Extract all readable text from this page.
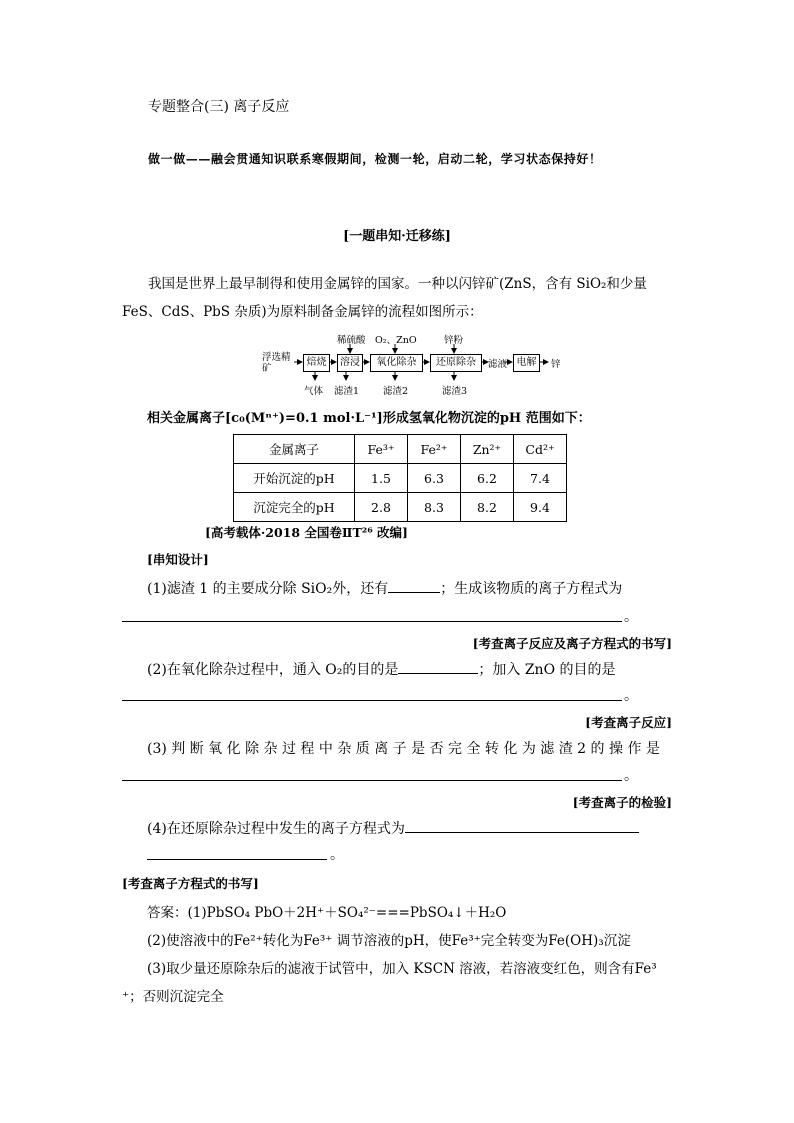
专题整合(三) 离子反应
做一做——融会贯通知识联系寒假期间，检测一轮，启动二轮，学习状态保持好！
[一题串知·迁移练]
我国是世界上最早制得和使用金属锌的国家。一种以闪锌矿(ZnS，含有 SiO₂和少量FeS、CdS、PbS 杂质)为原料制备金属锌的流程如图所示：
浮选精矿
焙烧	溶浸	氧化除杂	还原除杂	滤液 电解	锌
稀硫酸 O₂、ZnO	锌粉
气体 滤渣1	滤渣2	滤渣3
相关金属离子[c₀(Mⁿ⁺)=0.1 mol·L⁻¹]形成氢氧化物沉淀的pH 范围如下：
金属离子	Fe³⁺	Fe²⁺	Zn²⁺	Cd²⁺
开始沉淀的pH	1.5	6.3	6.2	7.4
沉淀完全的pH	2.8	8.3	8.2	9.4
[高考载体·2018 全国卷ⅡT²⁶ 改编]
[串知设计]
(1)滤渣 1 的主要成分除 SiO₂外，还有	；生成该物质的离子方程式为
。
[考查离子反应及离子方程式的书写]
(2)在氧化除杂过程中，通入 O₂的目的是	；加入 ZnO 的目的是
。
[考查离子反应]
(3) 判 断 氧 化 除 杂 过 程 中 杂 质 离 子 是 否 完 全 转 化 为 滤 渣 2 的 操 作 是
。
[考查离子的检验]
(4)在还原除杂过程中发生的离子方程式为
。
[考查离子方程式的书写]
答案：(1)PbSO₄ PbO＋2H⁺＋SO₄²⁻===PbSO₄↓＋H₂O
(2)使溶液中的Fe²⁺转化为Fe³⁺ 调节溶液的pH，使Fe³⁺完全转变为Fe(OH)₃沉淀
(3)取少量还原除杂后的滤液于试管中，加入 KSCN 溶液，若溶液变红色，则含有Fe³
⁺；否则沉淀完全
